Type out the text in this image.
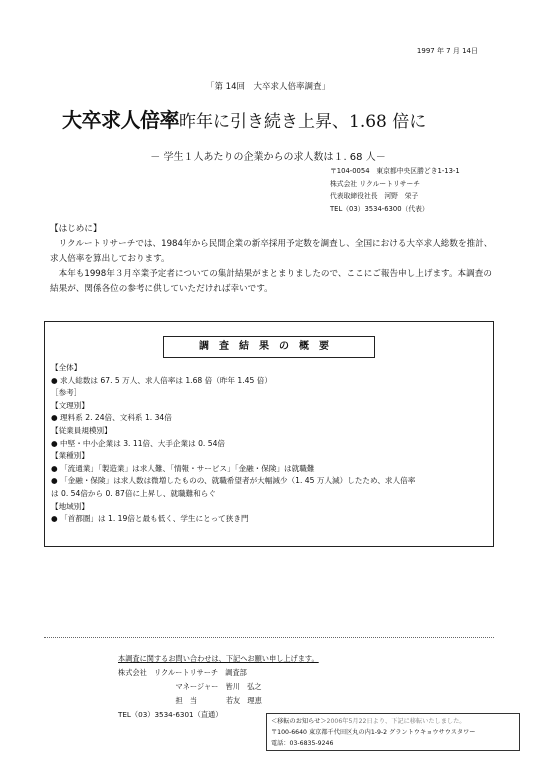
1997 年 7 月 14日
「第 14回　大卒求人倍率調査」
大卒求人倍率昨年に引き続き上昇、1.68 倍に
－ 学生１人あたりの企業からの求人数は１. 68 人－
〒104-0054　東京都中央区勝どき1-13-1
株式会社 リクルートリサーチ
代表取締役社長　河野　栄子
TEL（03）3534-6300（代表）

【はじめに】

リクルートリサーチでは、1984年から民間企業の新卒採用予定数を調査し、全国における大卒求人総数を推計、求人倍率を算出しております。

本年も1998年３月卒業予定者についての集計結果がまとまりましたので、ここにご報告申し上げます。本調査の結果が、関係各位の参考に供していただければ幸いです。

調査結果の概要
【全体】
● 求人総数は 67. 5 万人、求人倍率は 1.68 倍（昨年 1.45 倍）
［参考］
【文理別】
● 理料系 2. 24倍、文科系 1. 34倍
【従業員規模別】
● 中堅・中小企業は 3. 11倍、大手企業は 0. 54倍
【業種別】
● 「流通業」「製造業」は求人難、「情報・サービス」「金融・保険」は就職難
● 「金融・保険」は求人数は微増したものの、就職希望者が大幅減少（1. 45 万人減）したため、求人倍率
は 0. 54倍から 0. 87倍に上昇し、就職難和らぐ
【地域別】
● 「首都圏」は 1. 19倍と最も低く、学生にとって狭き門
本調査に関するお問い合わせは、下記へお願い申し上げます。
株式会社　リクルートリサーチ　調査部
　　　　　　　　マネージャー　皆川　弘之
　　　　　　　　担　当　　　　若友　理恵
TEL（03）3534-6301（直通）
＜移転のお知らせ＞2006年5月22日より、下記に移転いたしました。
〒100-6640 東京都千代田区丸の内1-9-2 グラントウキョウサウスタワー
電話：03-6835-9246
